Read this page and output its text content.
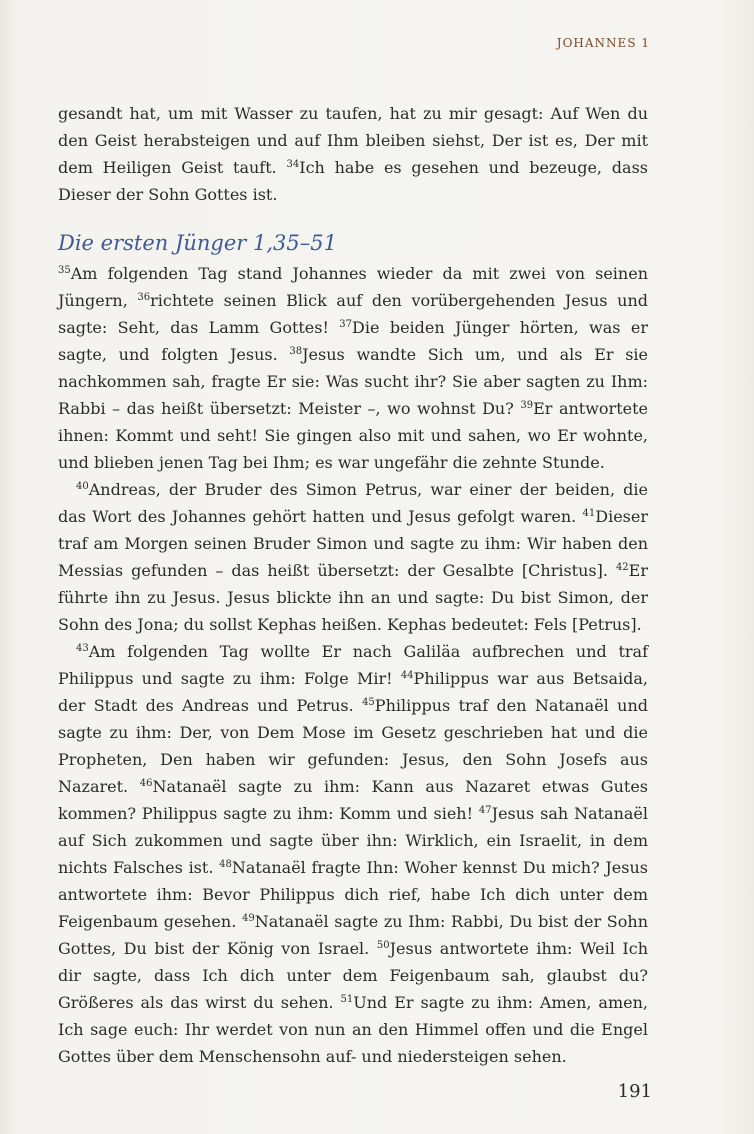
JOHANNES 1

gesandt hat, um mit Wasser zu taufen, hat zu mir gesagt: Auf Wen du den Geist herabsteigen und auf Ihm bleiben siehst, Der ist es, Der mit dem Heiligen Geist tauft. $^{34}$Ich habe es gesehen und bezeuge, dass Dieser der Sohn Gottes ist.

Die ersten Jünger 1,35–51

$^{35}$Am folgenden Tag stand Johannes wieder da mit zwei von seinen Jüngern, $^{36}$richtete seinen Blick auf den vorübergehenden Jesus und sagte: Seht, das Lamm Gottes! $^{37}$Die beiden Jünger hörten, was er sagte, und folgten Jesus. $^{38}$Jesus wandte Sich um, und als Er sie nachkommen sah, fragte Er sie: Was sucht ihr? Sie aber sagten zu Ihm: Rabbi – das heißt übersetzt: Meister –, wo wohnst Du? $^{39}$Er antwortete ihnen: Kommt und seht! Sie gingen also mit und sahen, wo Er wohnte, und blieben jenen Tag bei Ihm; es war ungefähr die zehnte Stunde.

$^{40}$Andreas, der Bruder des Simon Petrus, war einer der beiden, die das Wort des Johannes gehört hatten und Jesus gefolgt waren. $^{41}$Dieser traf am Morgen seinen Bruder Simon und sagte zu ihm: Wir haben den Messias gefunden – das heißt übersetzt: der Gesalbte [Christus]. $^{42}$Er führte ihn zu Jesus. Jesus blickte ihn an und sagte: Du bist Simon, der Sohn des Jona; du sollst Kephas heißen. Kephas bedeutet: Fels [Petrus].

$^{43}$Am folgenden Tag wollte Er nach Galiläa aufbrechen und traf Philippus und sagte zu ihm: Folge Mir! $^{44}$Philippus war aus Betsaida, der Stadt des Andreas und Petrus. $^{45}$Philippus traf den Natanaël und sagte zu ihm: Der, von Dem Mose im Gesetz geschrieben hat und die Propheten, Den haben wir gefunden: Jesus, den Sohn Josefs aus Nazaret. $^{46}$Natanaël sagte zu ihm: Kann aus Nazaret etwas Gutes kommen? Philippus sagte zu ihm: Komm und sieh! $^{47}$Jesus sah Natanaël auf Sich zukommen und sagte über ihn: Wirklich, ein Israelit, in dem nichts Falsches ist. $^{48}$Natanaël fragte Ihn: Woher kennst Du mich? Jesus antwortete ihm: Bevor Philippus dich rief, habe Ich dich unter dem Feigenbaum gesehen. $^{49}$Natanaël sagte zu Ihm: Rabbi, Du bist der Sohn Gottes, Du bist der König von Israel. $^{50}$Jesus antwortete ihm: Weil Ich dir sagte, dass Ich dich unter dem Feigenbaum sah, glaubst du? Größeres als das wirst du sehen. $^{51}$Und Er sagte zu ihm: Amen, amen, Ich sage euch: Ihr werdet von nun an den Himmel offen und die Engel Gottes über dem Menschensohn auf- und niedersteigen sehen.

191
